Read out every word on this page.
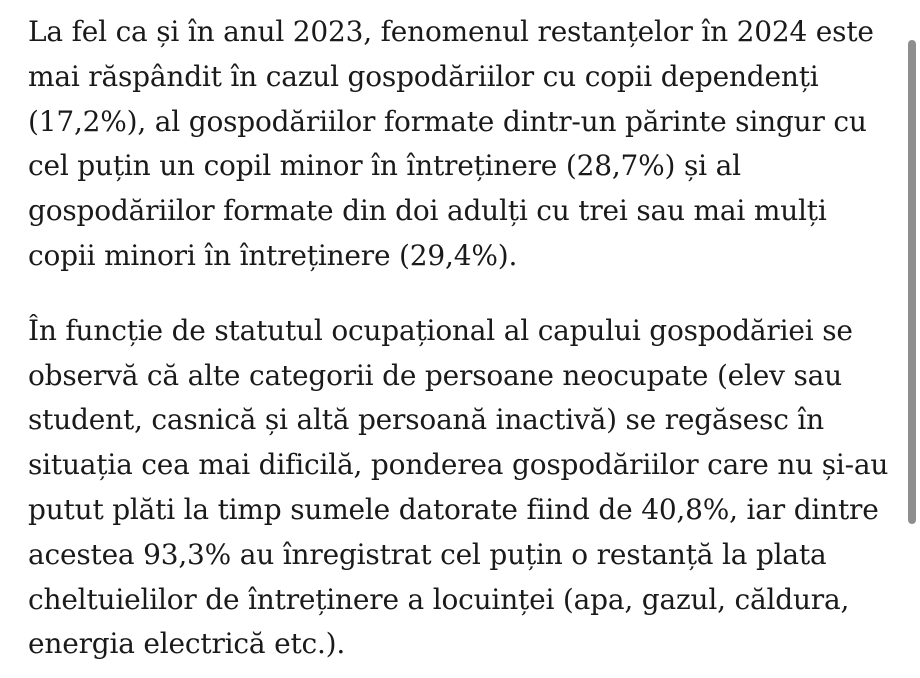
La fel ca și în anul 2023, fenomenul restanțelor în 2024 este
mai răspândit în cazul gospodăriilor cu copii dependenți
(17,2%), al gospodăriilor formate dintr-un părinte singur cu
cel puțin un copil minor în întreținere (28,7%) și al
gospodăriilor formate din doi adulți cu trei sau mai mulți
copii minori în întreținere (29,4%).

În funcție de statutul ocupațional al capului gospodăriei se
observă că alte categorii de persoane neocupate (elev sau
student, casnică și altă persoană inactivă) se regăsesc în
situația cea mai dificilă, ponderea gospodăriilor care nu și-au
putut plăti la timp sumele datorate fiind de 40,8%, iar dintre
acestea 93,3% au înregistrat cel puțin o restanță la plata
cheltuielilor de întreținere a locuinței (apa, gazul, căldura,
energia electrică etc.).
